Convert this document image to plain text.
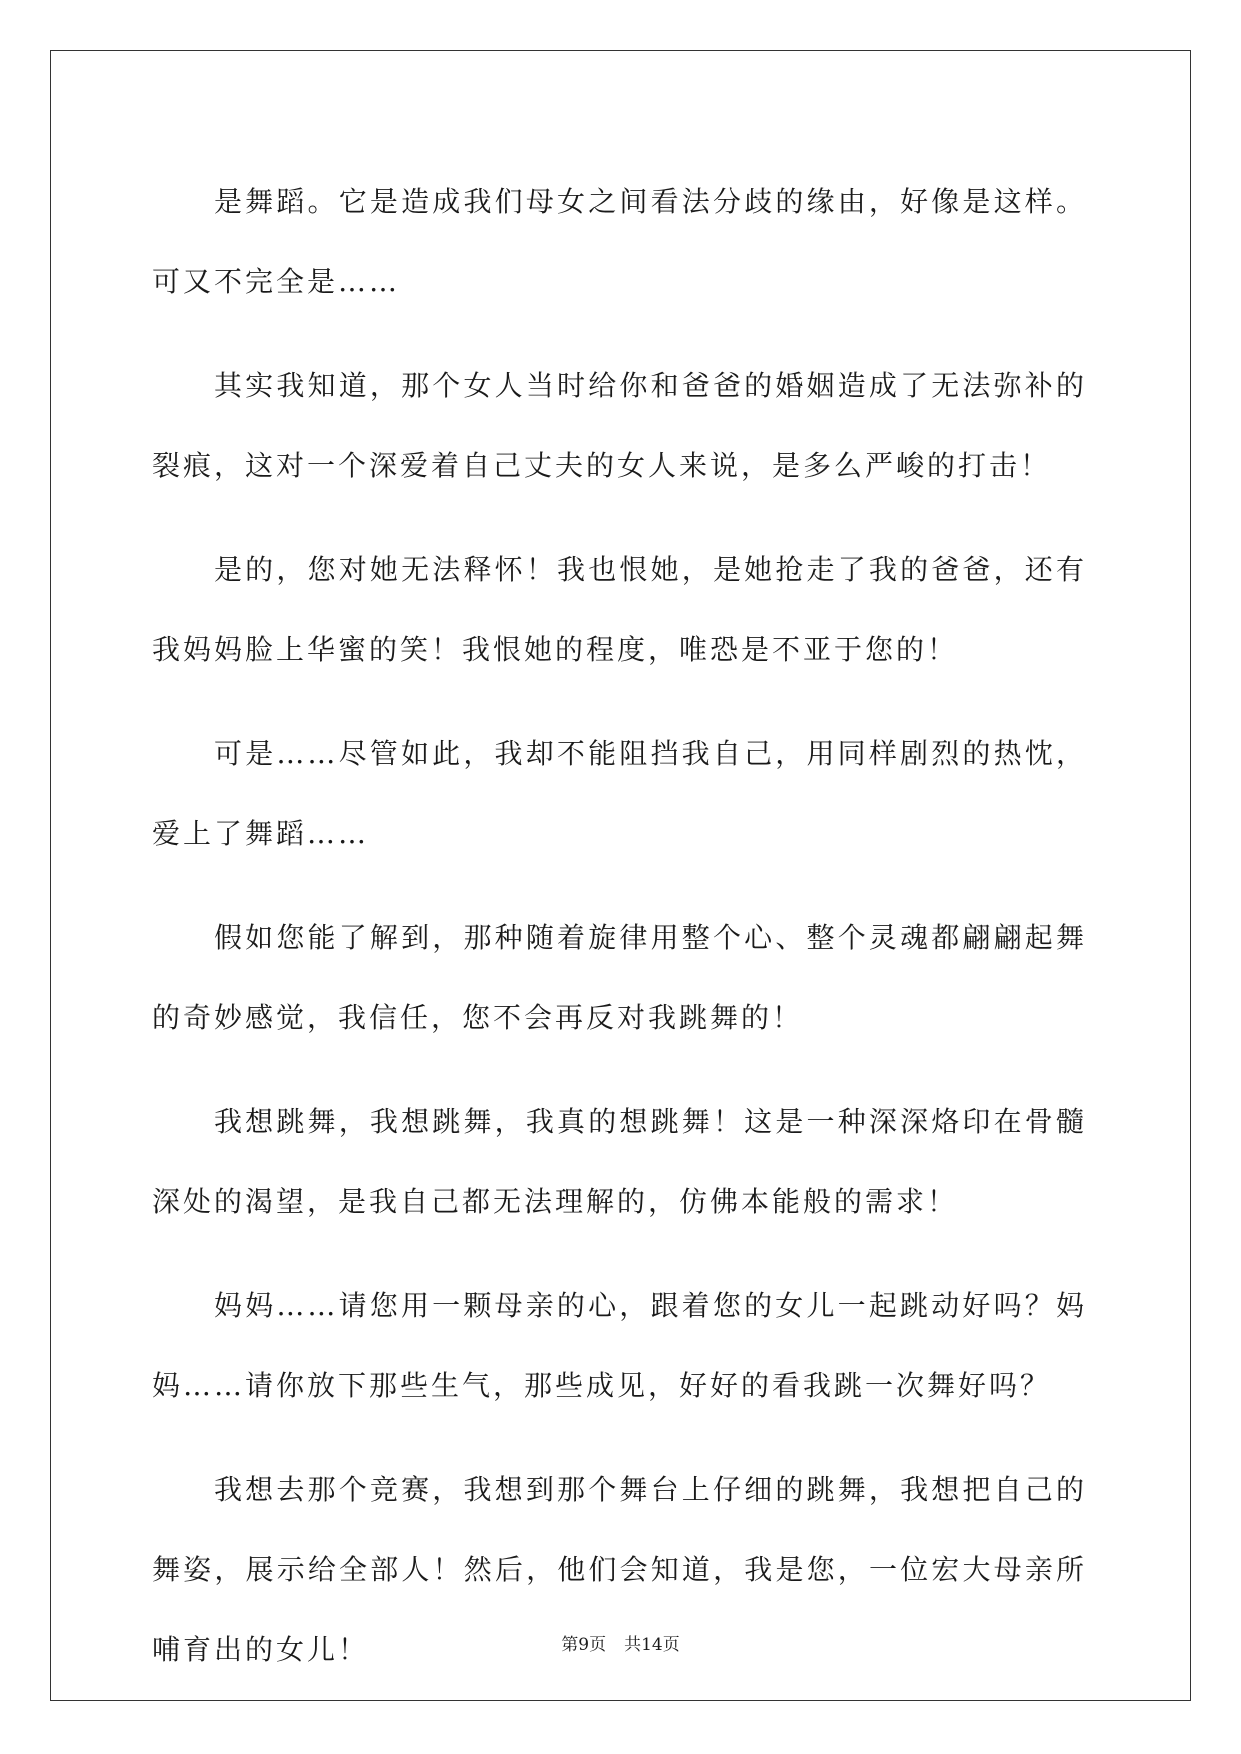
是舞蹈。它是造成我们母女之间看法分歧的缘由，好像是这样。可又不完全是……

其实我知道，那个女人当时给你和爸爸的婚姻造成了无法弥补的裂痕，这对一个深爱着自己丈夫的女人来说，是多么严峻的打击！

是的，您对她无法释怀！我也恨她，是她抢走了我的爸爸，还有我妈妈脸上华蜜的笑！我恨她的程度，唯恐是不亚于您的！

可是……尽管如此，我却不能阻挡我自己，用同样剧烈的热忱，爱上了舞蹈……

假如您能了解到，那种随着旋律用整个心、整个灵魂都翩翩起舞的奇妙感觉，我信任，您不会再反对我跳舞的！

我想跳舞，我想跳舞，我真的想跳舞！这是一种深深烙印在骨髓深处的渴望，是我自己都无法理解的，仿佛本能般的需求！

妈妈……请您用一颗母亲的心，跟着您的女儿一起跳动好吗？妈妈……请你放下那些生气，那些成见，好好的看我跳一次舞好吗？

我想去那个竞赛，我想到那个舞台上仔细的跳舞，我想把自己的舞姿，展示给全部人！然后，他们会知道，我是您，一位宏大母亲所哺育出的女儿！	第9页 共14页
